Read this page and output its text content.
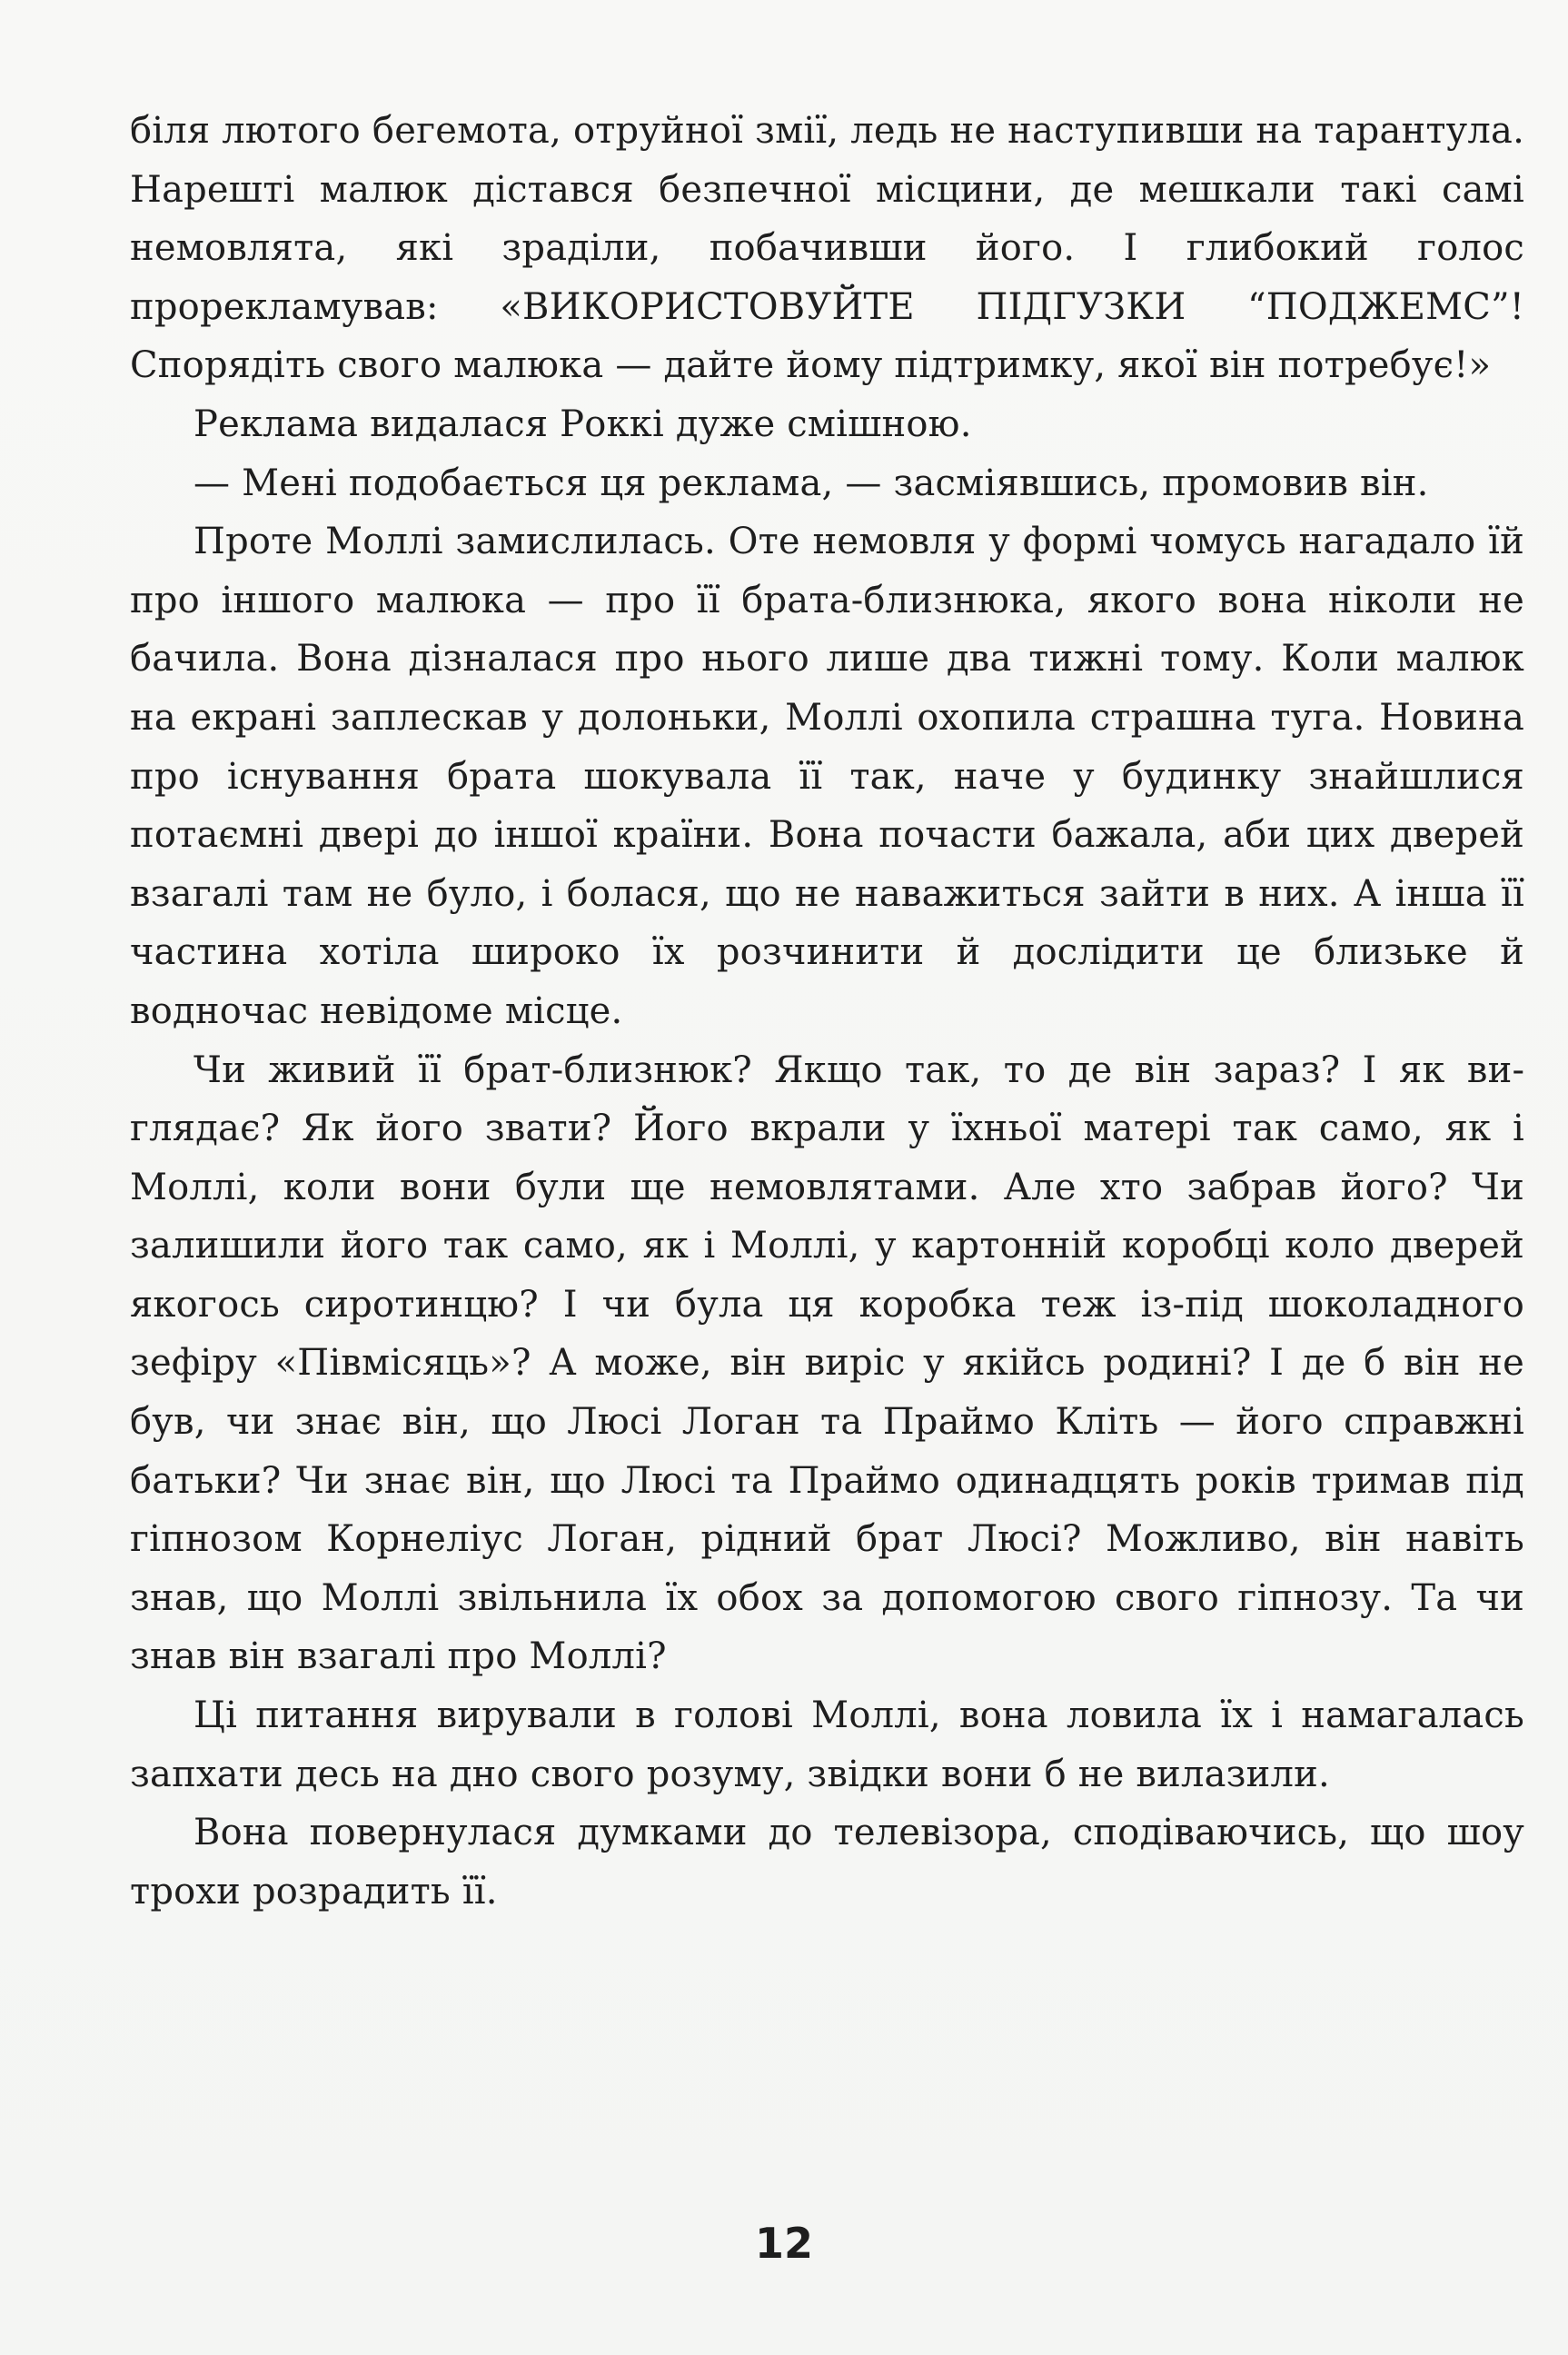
біля лютого бегемота, отруйної змії, ледь не наступивши на тарантула. Нарешті малюк дістався безпечної місцини, де мешкали такі самі немовлята, які зраділи, побачивши його. І глибокий голос прорекламував: «ВИКОРИСТОВУЙТЕ ПІДГУЗКИ “ПОДЖЕМС”! Спорядіть свого малюка — дайте йому підтримку, якої він потребує!»

Реклама видалася Роккі дуже смішною.

— Мені подобається ця реклама, — засміявшись, промовив він.

Проте Моллі замислилась. Оте немовля у формі чомусь нагадало їй про іншого малюка — про її брата-близнюка, якого вона ніколи не бачила. Вона дізналася про нього лише два тижні тому. Коли малюк на екрані заплескав у долоньки, Моллі охопила страшна туга. Новина про існування брата шокувала її так, наче у будинку знайшлися потаємні двері до іншої країни. Вона почасти бажала, аби цих дверей взагалі там не було, і болася, що не наважиться зайти в них. А інша її частина хотіла широко їх розчинити й дослідити це близьке й водночас невідоме місце.

Чи живий її брат-близнюк? Якщо так, то де він зараз? І як виглядає? Як його звати? Його вкрали у їхньої матері так само, як і Моллі, коли вони були ще немовлятами. Але хто забрав його? Чи залишили його так само, як і Моллі, у картонній коробці коло дверей якогось сиротинцю? І чи була ця коробка теж із-під шоколадного зефіру «Півмісяць»? А може, він виріс у якійсь родині? І де б він не був, чи знає він, що Люсі Логан та Праймо Кліть — його справжні батьки? Чи знає він, що Люсі та Праймо одинадцять років тримав під гіпнозом Корнеліус Логан, рідний брат Люсі? Можливо, він навіть знав, що Моллі звільнила їх обох за допомогою свого гіпнозу. Та чи знав він взагалі про Моллі?

Ці питання вирували в голові Моллі, вона ловила їх і намагалась запхати десь на дно свого розуму, звідки вони б не вилазили.

Вона повернулася думками до телевізора, сподіваючись, що шоу трохи розрадить її.

12
